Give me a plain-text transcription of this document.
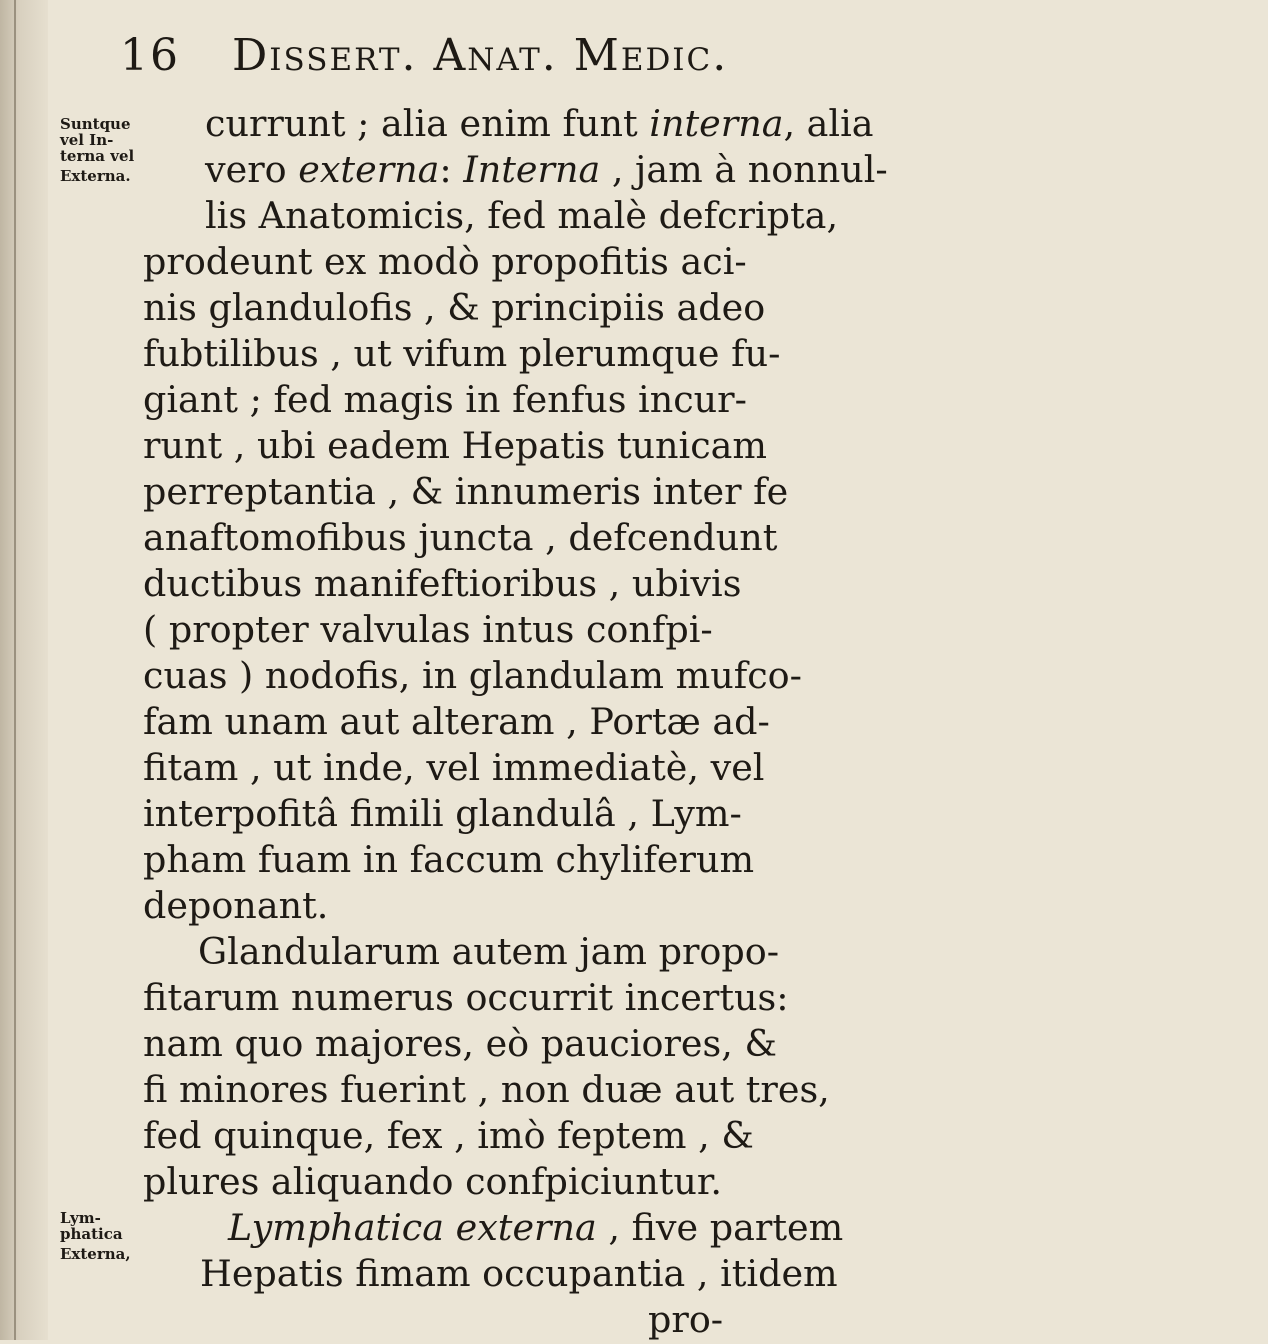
16 Dissert. Anat. Medic.
Suntque
vel In-
terna vel
Externa.
Lym-
phatica
Externa,
currunt ; alia enim funt interna, alia
vero externa: Interna , jam à nonnul-
lis Anatomicis, fed malè defcripta,
prodeunt ex modò propofitis aci-
nis glandulofis , & principiis adeo
fubtilibus , ut vifum plerumque fu-
giant ; fed magis in fenfus incur-
runt , ubi eadem Hepatis tunicam
perreptantia , & innumeris inter fe
anaftomofibus juncta , defcendunt
ductibus manifeftioribus , ubivis
( propter valvulas intus confpi-
cuas ) nodofis, in glandulam mufco-
fam unam aut alteram , Portæ ad-
fitam , ut inde, vel immediatè, vel
interpofitâ fimili glandulâ , Lym-
pham fuam in faccum chyliferum
deponant.
Glandularum autem jam propo-
fitarum numerus occurrit incertus:
nam quo majores, eò pauciores, &
fi minores fuerint , non duæ aut tres,
fed quinque, fex , imò feptem , &
plures aliquando confpiciuntur.
Lymphatica externa , five partem
Hepatis fimam occupantia , itidem
pro-
